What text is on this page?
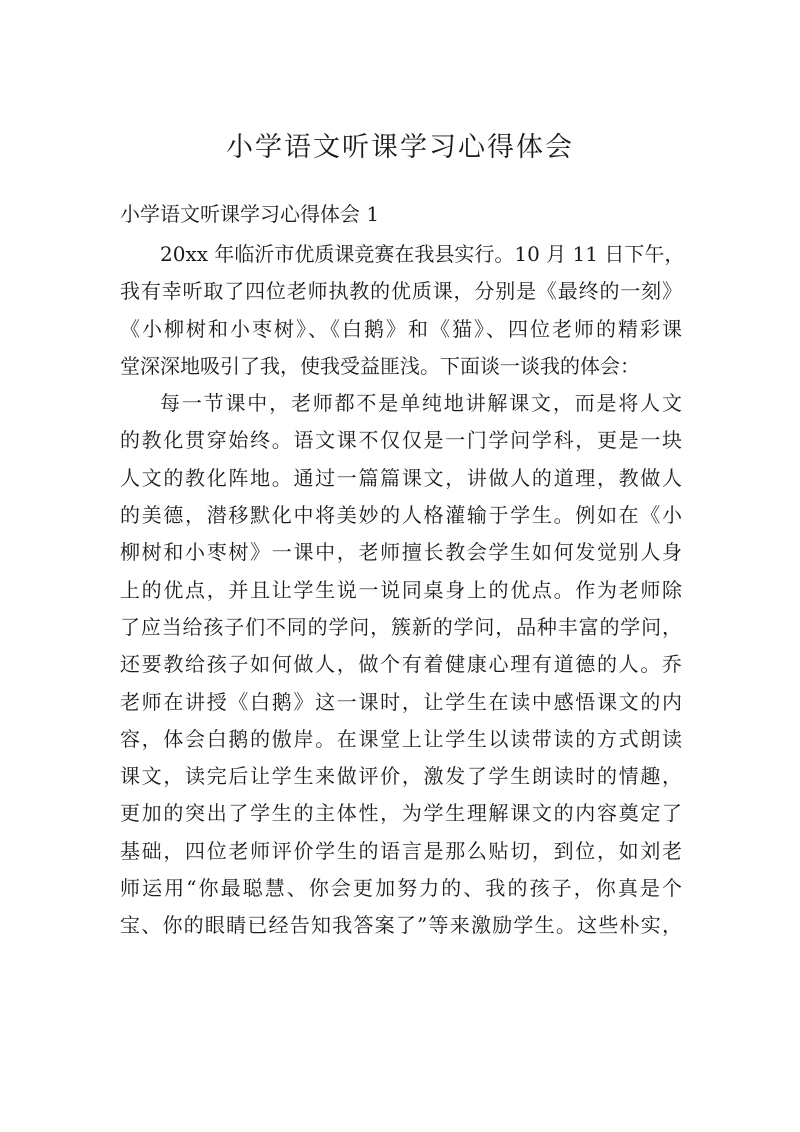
小学语文听课学习心得体会
小学语文听课学习心得体会 1
20xx 年临沂市优质课竞赛在我县实行。10 月 11 日下午，
我有幸听取了四位老师执教的优质课，分别是《最终的一刻》
《小柳树和小枣树》、《白鹅》和《猫》、四位老师的精彩课
堂深深地吸引了我，使我受益匪浅。下面谈一谈我的体会：
每一节课中，老师都不是单纯地讲解课文，而是将人文
的教化贯穿始终。语文课不仅仅是一门学问学科，更是一块
人文的教化阵地。通过一篇篇课文，讲做人的道理，教做人
的美德，潜移默化中将美妙的人格灌输于学生。例如在《小
柳树和小枣树》一课中，老师擅长教会学生如何发觉别人身
上的优点，并且让学生说一说同桌身上的优点。作为老师除
了应当给孩子们不同的学问，簇新的学问，品种丰富的学问，
还要教给孩子如何做人，做个有着健康心理有道德的人。乔
老师在讲授《白鹅》这一课时，让学生在读中感悟课文的内
容，体会白鹅的傲岸。在课堂上让学生以读带读的方式朗读
课文，读完后让学生来做评价，激发了学生朗读时的情趣，
更加的突出了学生的主体性，为学生理解课文的内容奠定了
基础，四位老师评价学生的语言是那么贴切，到位，如刘老
师运用“你最聪慧、你会更加努力的、我的孩子，你真是个
宝、你的眼睛已经告知我答案了”等来激励学生。这些朴实，
